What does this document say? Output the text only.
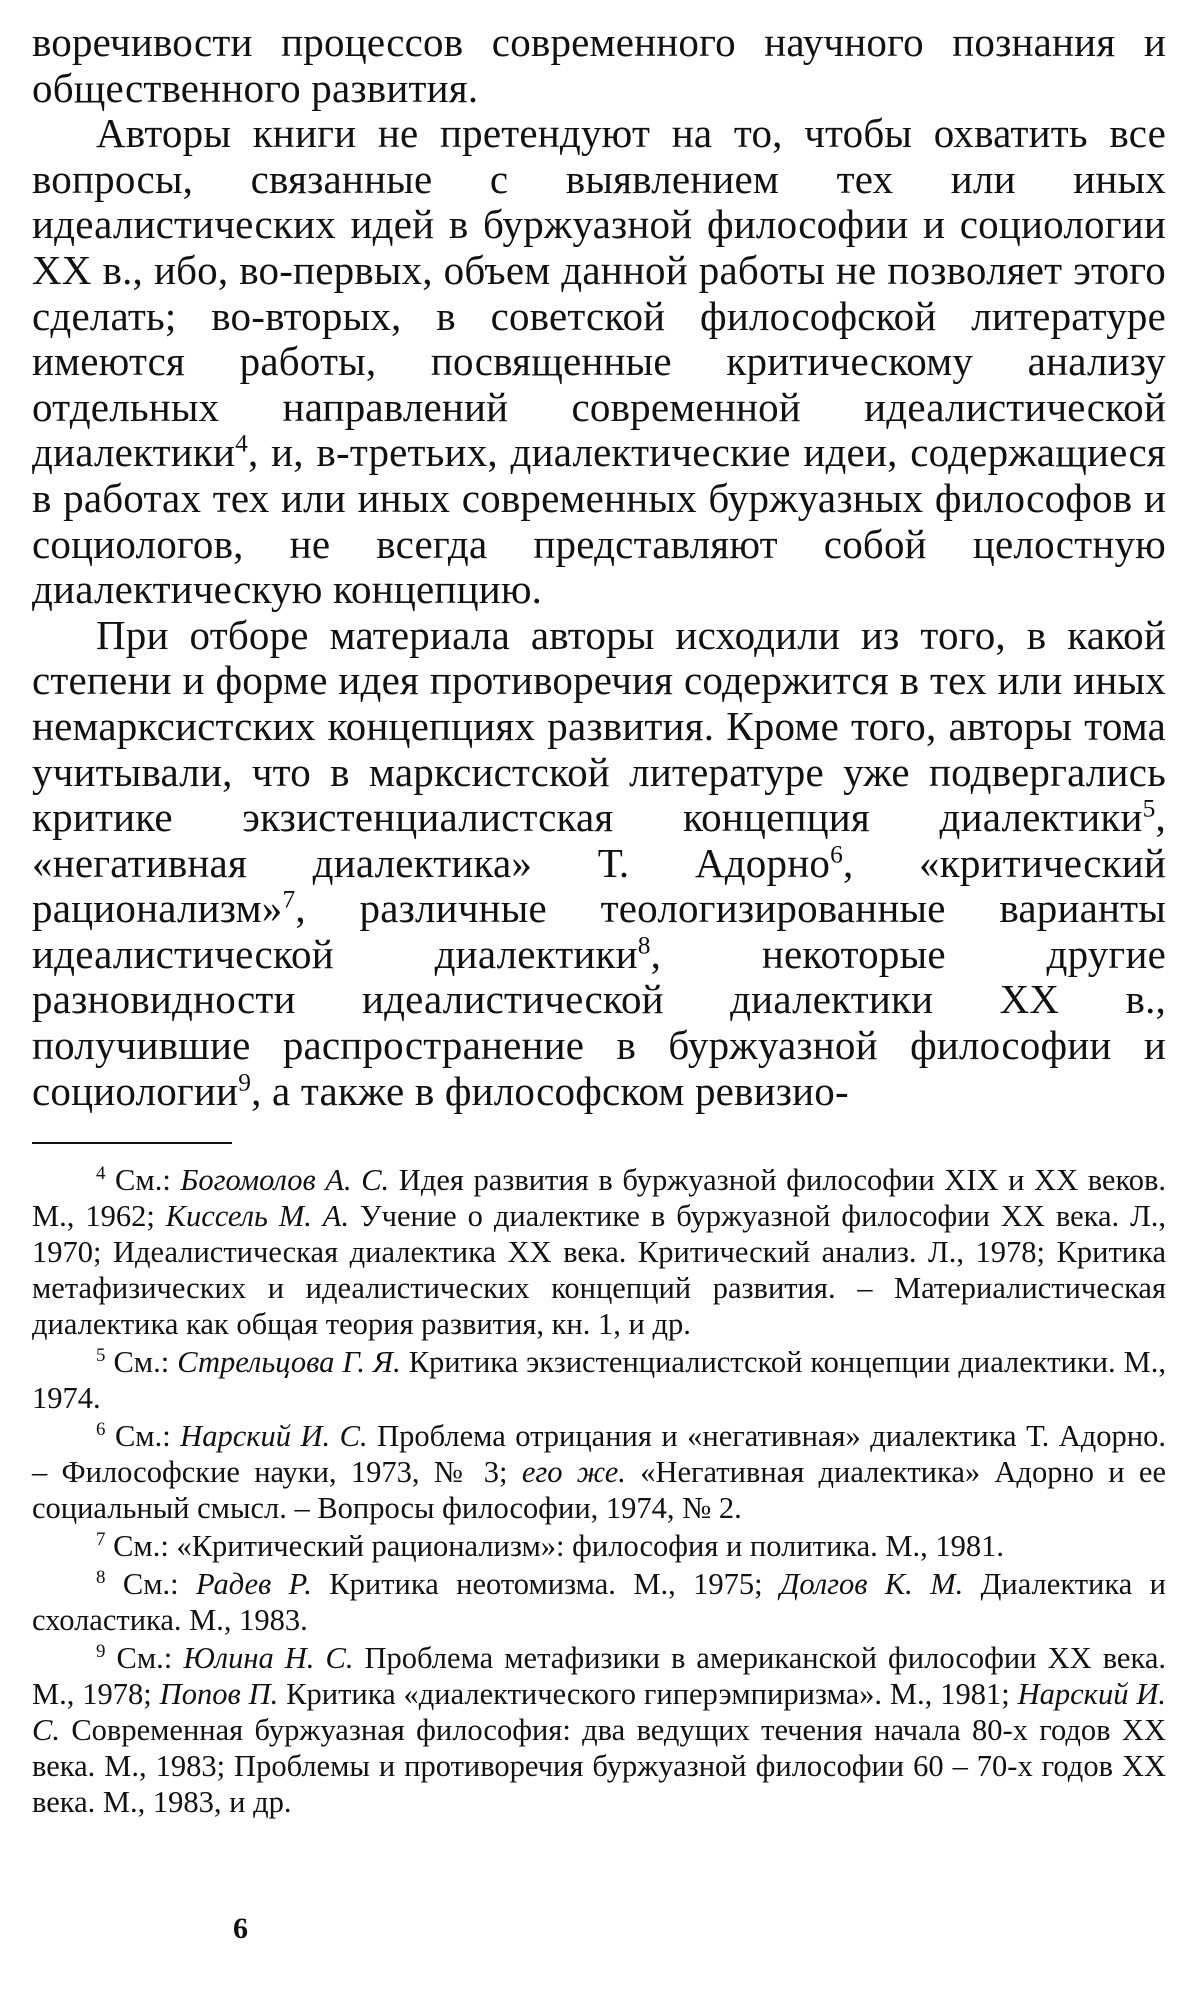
воречивости процессов современного научного познания и общественного развития.

Авторы книги не претендуют на то, чтобы охватить все вопросы, связанные с выявлением тех или иных идеалистических идей в буржуазной философии и социологии XX в., ибо, во-первых, объем данной работы не позволяет этого сделать; во-вторых, в советской философской литературе имеются работы, посвященные критическому анализу отдельных направлений современной идеалистической диалектики$^4$, и, в-третьих, диалектические идеи, содержащиеся в работах тех или иных современных буржуазных философов и социологов, не всегда представляют собой целостную диалектическую концепцию.

При отборе материала авторы исходили из того, в какой степени и форме идея противоречия содержится в тех или иных немарксистских концепциях развития. Кроме того, авторы тома учитывали, что в марксистской литературе уже подвергались критике экзистенциалистская концепция диалектики$^5$, «негативная диалектика» Т. Адорно$^6$, «критический рационализм»$^7$, различные теологизированные варианты идеалистической диалектики$^8$, некоторые другие разновидности идеалистической диалектики XX в., получившие распространение в буржуазной философии и социологии$^9$, а также в философском ревизио-

$^4$ См.: Богомолов А. С. Идея развития в буржуазной философии XIX и XX веков. М., 1962; Киссель М. А. Учение о диалектике в буржуазной философии XX века. Л., 1970; Идеалистическая диалектика XX века. Критический анализ. Л., 1978; Критика метафизических и идеалистических концепций развития. – Материалистическая диалектика как общая теория развития, кн. 1, и др.

$^5$ См.: Стрельцова Г. Я. Критика экзистенциалистской концепции диалектики. М., 1974.

$^6$ См.: Нарский И. С. Проблема отрицания и «негативная» диалектика Т. Адорно. – Философские науки, 1973, № 3; его же. «Негативная диалектика» Адорно и ее социальный смысл. – Вопросы философии, 1974, № 2.

$^7$ См.: «Критический рационализм»: философия и политика. М., 1981.

$^8$ См.: Радев Р. Критика неотомизма. М., 1975; Долгов К. М. Диалектика и схоластика. М., 1983.

$^9$ См.: Юлина Н. С. Проблема метафизики в американской философии XX века. М., 1978; Попов П. Критика «диалектического гиперэмпиризма». М., 1981; Нарский И. С. Современная буржуазная философия: два ведущих течения начала 80-х годов XX века. М., 1983; Проблемы и противоречия буржуазной философии 60 – 70-х годов XX века. М., 1983, и др.

6
